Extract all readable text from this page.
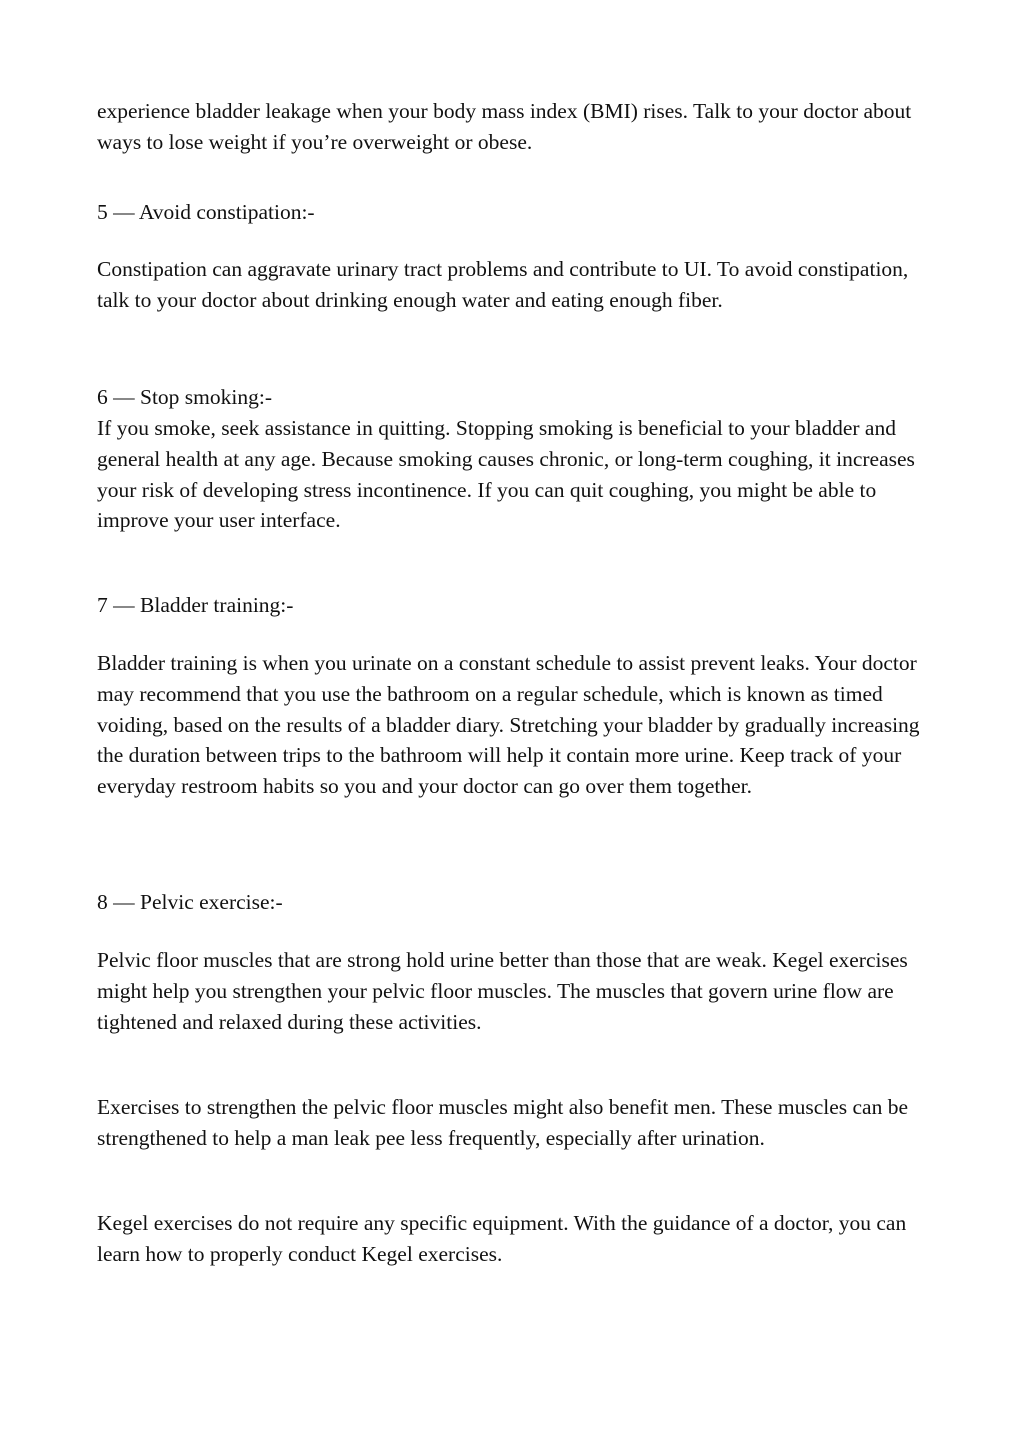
experience bladder leakage when your body mass index (BMI) rises. Talk to your doctor about ways to lose weight if you’re overweight or obese.

5 — Avoid constipation:-

Constipation can aggravate urinary tract problems and contribute to UI. To avoid constipation, talk to your doctor about drinking enough water and eating enough fiber.

6 — Stop smoking:-

If you smoke, seek assistance in quitting. Stopping smoking is beneficial to your bladder and general health at any age. Because smoking causes chronic, or long-term coughing, it increases your risk of developing stress incontinence. If you can quit coughing, you might be able to improve your user interface.

7 — Bladder training:-

Bladder training is when you urinate on a constant schedule to assist prevent leaks. Your doctor may recommend that you use the bathroom on a regular schedule, which is known as timed voiding, based on the results of a bladder diary. Stretching your bladder by gradually increasing the duration between trips to the bathroom will help it contain more urine. Keep track of your everyday restroom habits so you and your doctor can go over them together.

8 — Pelvic exercise:-

Pelvic floor muscles that are strong hold urine better than those that are weak. Kegel exercises might help you strengthen your pelvic floor muscles. The muscles that govern urine flow are tightened and relaxed during these activities.

Exercises to strengthen the pelvic floor muscles might also benefit men. These muscles can be strengthened to help a man leak pee less frequently, especially after urination.

Kegel exercises do not require any specific equipment. With the guidance of a doctor, you can learn how to properly conduct Kegel exercises.
